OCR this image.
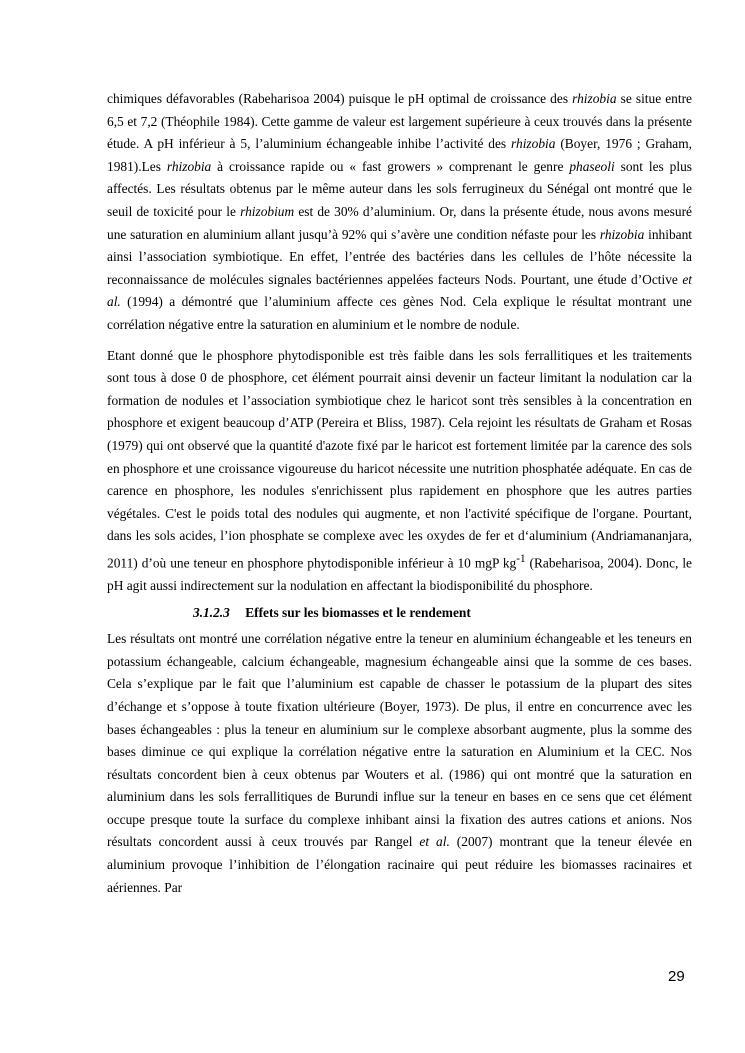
chimiques défavorables (Rabeharisoa 2004) puisque le pH optimal de croissance des rhizobia se situe entre 6,5 et 7,2 (Théophile 1984). Cette gamme de valeur est largement supérieure à ceux trouvés dans la présente étude. A pH inférieur à 5, l’aluminium échangeable inhibe l’activité des rhizobia (Boyer, 1976 ; Graham, 1981).Les rhizobia à croissance rapide ou « fast growers » comprenant le genre phaseoli sont les plus affectés. Les résultats obtenus par le même auteur dans les sols ferrugineux du Sénégal ont montré que le seuil de toxicité pour le rhizobium est de 30% d’aluminium. Or, dans la présente étude, nous avons mesuré une saturation en aluminium allant jusqu’à 92% qui s’avère une condition néfaste pour les rhizobia inhibant ainsi l’association symbiotique. En effet, l’entrée des bactéries dans les cellules de l’hôte nécessite la reconnaissance de molécules signales bactériennes appelées facteurs Nods. Pourtant, une étude d’Octive et al. (1994) a démontré que l’aluminium affecte ces gènes Nod. Cela explique le résultat montrant une corrélation négative entre la saturation en aluminium et le nombre de nodule.

Etant donné que le phosphore phytodisponible est très faible dans les sols ferrallitiques et les traitements sont tous à dose 0 de phosphore, cet élément pourrait ainsi devenir un facteur limitant la nodulation car la formation de nodules et l’association symbiotique chez le haricot sont très sensibles à la concentration en phosphore et exigent beaucoup d’ATP (Pereira et Bliss, 1987). Cela rejoint les résultats de Graham et Rosas (1979) qui ont observé que la quantité d'azote fixé par le haricot est fortement limitée par la carence des sols en phosphore et une croissance vigoureuse du haricot nécessite une nutrition phosphatée adéquate. En cas de carence en phosphore, les nodules s'enrichissent plus rapidement en phosphore que les autres parties végétales. C'est le poids total des nodules qui augmente, et non l'activité spécifique de l'organe. Pourtant, dans les sols acides, l’ion phosphate se complexe avec les oxydes de fer et d‘aluminium (Andriamananjara, 2011) d’où une teneur en phosphore phytodisponible inférieur à 10 mgP $kg^{-1}$ (Rabeharisoa, 2004). Donc, le pH agit aussi indirectement sur la nodulation en affectant la biodisponibilité du phosphore.

3.1.2.3 Effets sur les biomasses et le rendement

Les résultats ont montré une corrélation négative entre la teneur en aluminium échangeable et les teneurs en potassium échangeable, calcium échangeable, magnesium échangeable ainsi que la somme de ces bases. Cela s’explique par le fait que l’aluminium est capable de chasser le potassium de la plupart des sites d’échange et s’oppose à toute fixation ultérieure (Boyer, 1973). De plus, il entre en concurrence avec les bases échangeables : plus la teneur en aluminium sur le complexe absorbant augmente, plus la somme des bases diminue ce qui explique la corrélation négative entre la saturation en Aluminium et la CEC. Nos résultats concordent bien à ceux obtenus par Wouters et al. (1986) qui ont montré que la saturation en aluminium dans les sols ferrallitiques de Burundi influe sur la teneur en bases en ce sens que cet élément occupe presque toute la surface du complexe inhibant ainsi la fixation des autres cations et anions. Nos résultats concordent aussi à ceux trouvés par Rangel et al. (2007) montrant que la teneur élevée en aluminium provoque l’inhibition de l’élongation racinaire qui peut réduire les biomasses racinaires et aériennes. Par

29
